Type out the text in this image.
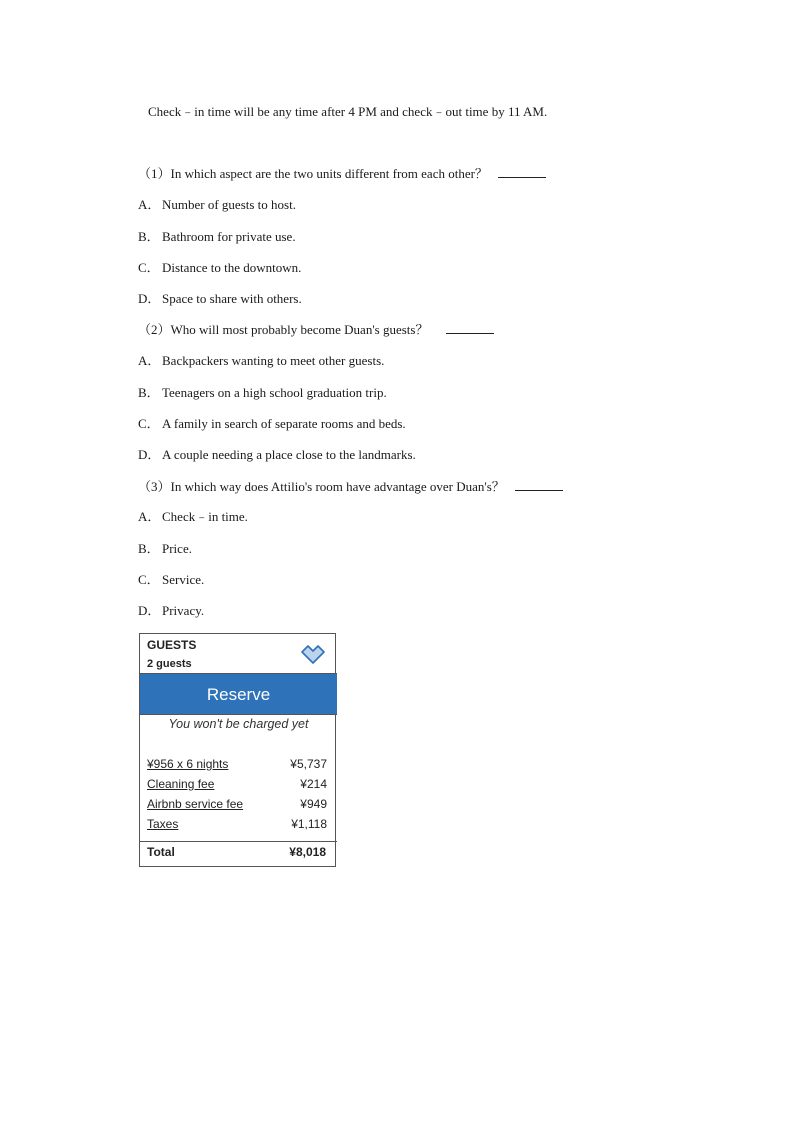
Check﹣in time will be any time after 4 PM and check﹣out time by 11 AM.
（1）In which aspect are the two units different from each other？
A． Number of guests to host.
B． Bathroom for private use.
C． Distance to the downtown.
D． Space to share with others.
（2）Who will most probably become Duan's guests？
A． Backpackers wanting to meet other guests.
B． Teenagers on a high school graduation trip.
C． A family in search of separate rooms and beds.
D． A couple needing a place close to the landmarks.
（3）In which way does Attilio's room have advantage over Duan's？
A． Check﹣in time.
B． Price.
C． Service.
D． Privacy.
GUESTS
2 guests
Reserve
You won't be charged yet
¥956 x 6 nights	¥5,737
Cleaning fee	¥214
Airbnb service fee	¥949
Taxes	¥1,118
Total	¥8,018
